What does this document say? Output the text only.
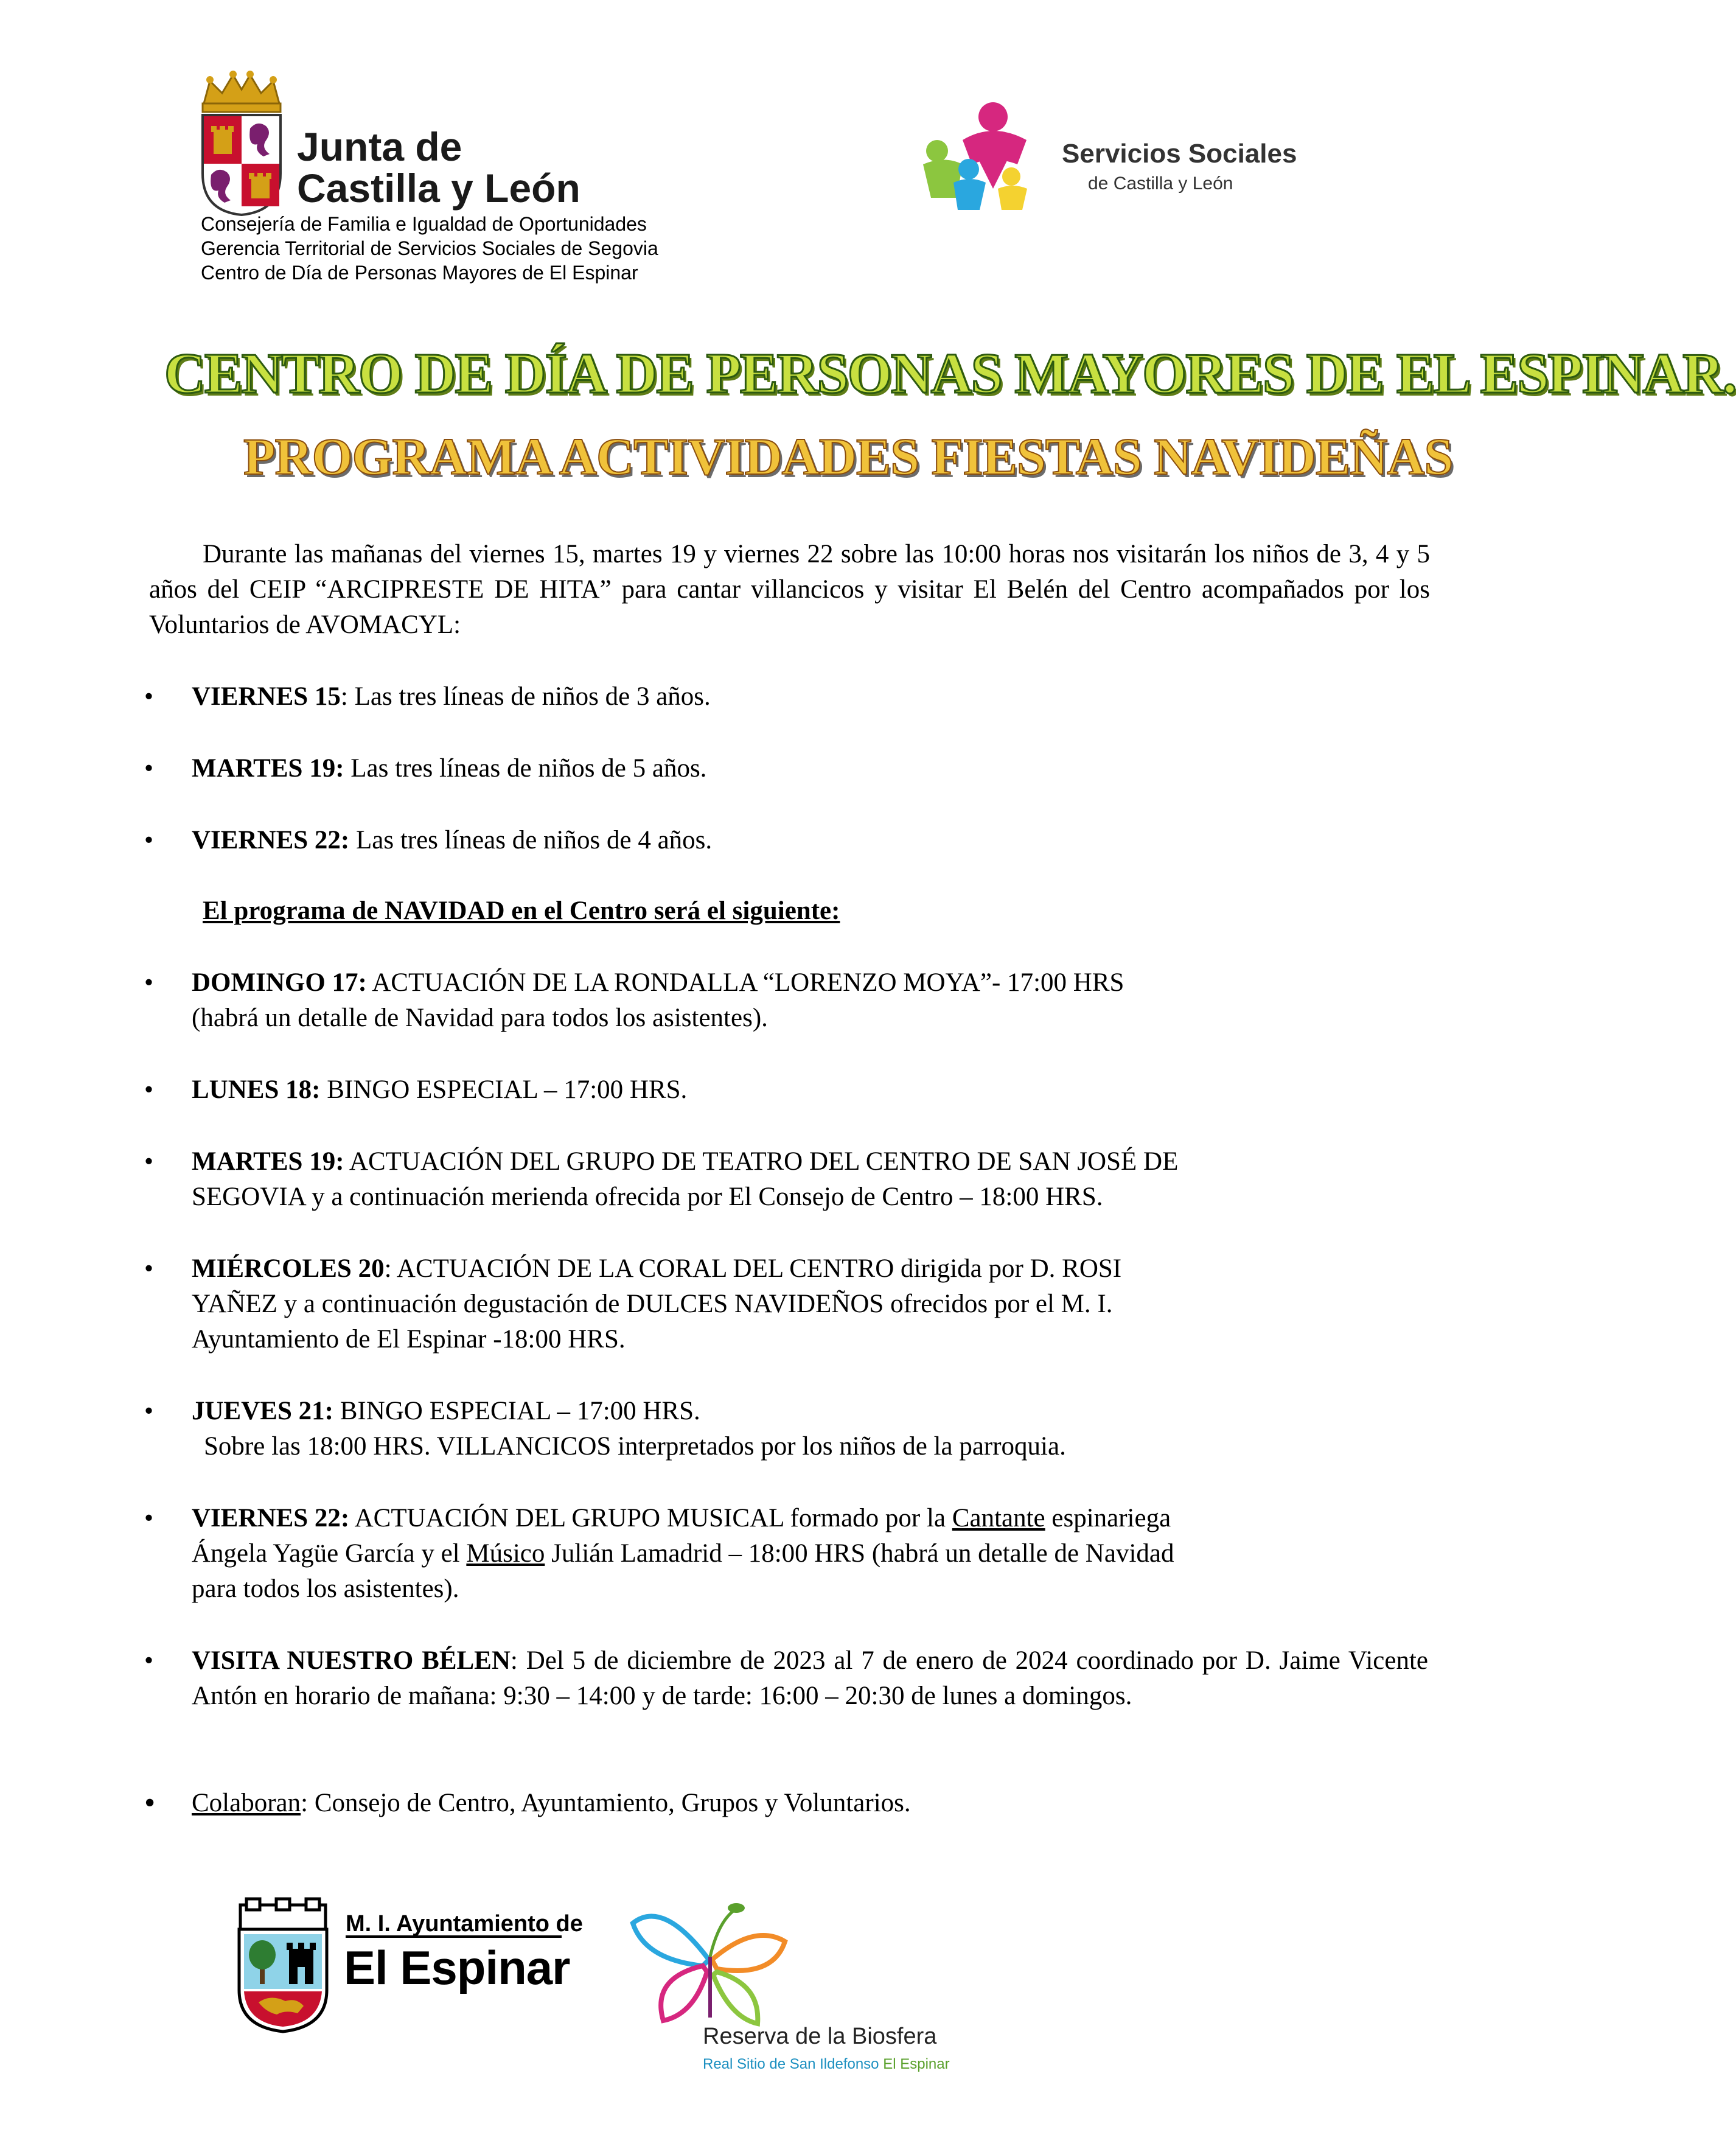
Junta de
Castilla y León
Consejería de Familia e Igualdad de Oportunidades
Gerencia Territorial de Servicios Sociales de Segovia
Centro de Día de Personas Mayores de El Espinar
Servicios Sociales
de Castilla y León
CENTRO DE DÍA DE PERSONAS MAYORES DE EL ESPINAR.
PROGRAMA ACTIVIDADES FIESTAS NAVIDEÑAS
Durante las mañanas del viernes 15, martes 19 y viernes 22 sobre las 10:00 horas nos visitarán los niños de 3, 4 y 5 años del CEIP “ARCIPRESTE DE HITA” para cantar villancicos y visitar El Belén del Centro acompañados por los Voluntarios de AVOMACYL:
•	VIERNES 15: Las tres líneas de niños de 3 años.
•	MARTES 19: Las tres líneas de niños de 5 años.
•	VIERNES 22: Las tres líneas de niños de 4 años.
El programa de NAVIDAD en el Centro será el siguiente:
•	DOMINGO 17: ACTUACIÓN DE LA RONDALLA “LORENZO MOYA”- 17:00 HRS
(habrá un detalle de Navidad para todos los asistentes).
•	LUNES 18: BINGO ESPECIAL – 17:00 HRS.
•	MARTES 19: ACTUACIÓN DEL GRUPO DE TEATRO DEL CENTRO DE SAN JOSÉ DE
SEGOVIA y a continuación merienda ofrecida por El Consejo de Centro – 18:00 HRS.
•	MIÉRCOLES 20: ACTUACIÓN DE LA CORAL DEL CENTRO dirigida por D. ROSI
YAÑEZ y a continuación degustación de DULCES NAVIDEÑOS ofrecidos por el M. I.
Ayuntamiento de El Espinar -18:00 HRS.
•	JUEVES 21: BINGO ESPECIAL – 17:00 HRS.
Sobre las 18:00 HRS. VILLANCICOS interpretados por los niños de la parroquia.
•	VIERNES 22: ACTUACIÓN DEL GRUPO MUSICAL formado por la Cantante espinariega
Ángela Yagüe García y el Músico Julián Lamadrid – 18:00 HRS (habrá un detalle de Navidad
para todos los asistentes).
•	VISITA NUESTRO BÉLEN: Del 5 de diciembre de 2023 al 7 de enero de 2024 coordinado por D. Jaime Vicente Antón en horario de mañana: 9:30 – 14:00 y de tarde: 16:00 – 20:30 de lunes a domingos.
•	Colaboran: Consejo de Centro, Ayuntamiento, Grupos y Voluntarios.
M. I. Ayuntamiento de
El Espinar
Reserva de la Biosfera
Real Sitio de San Ildefonso El Espinar
